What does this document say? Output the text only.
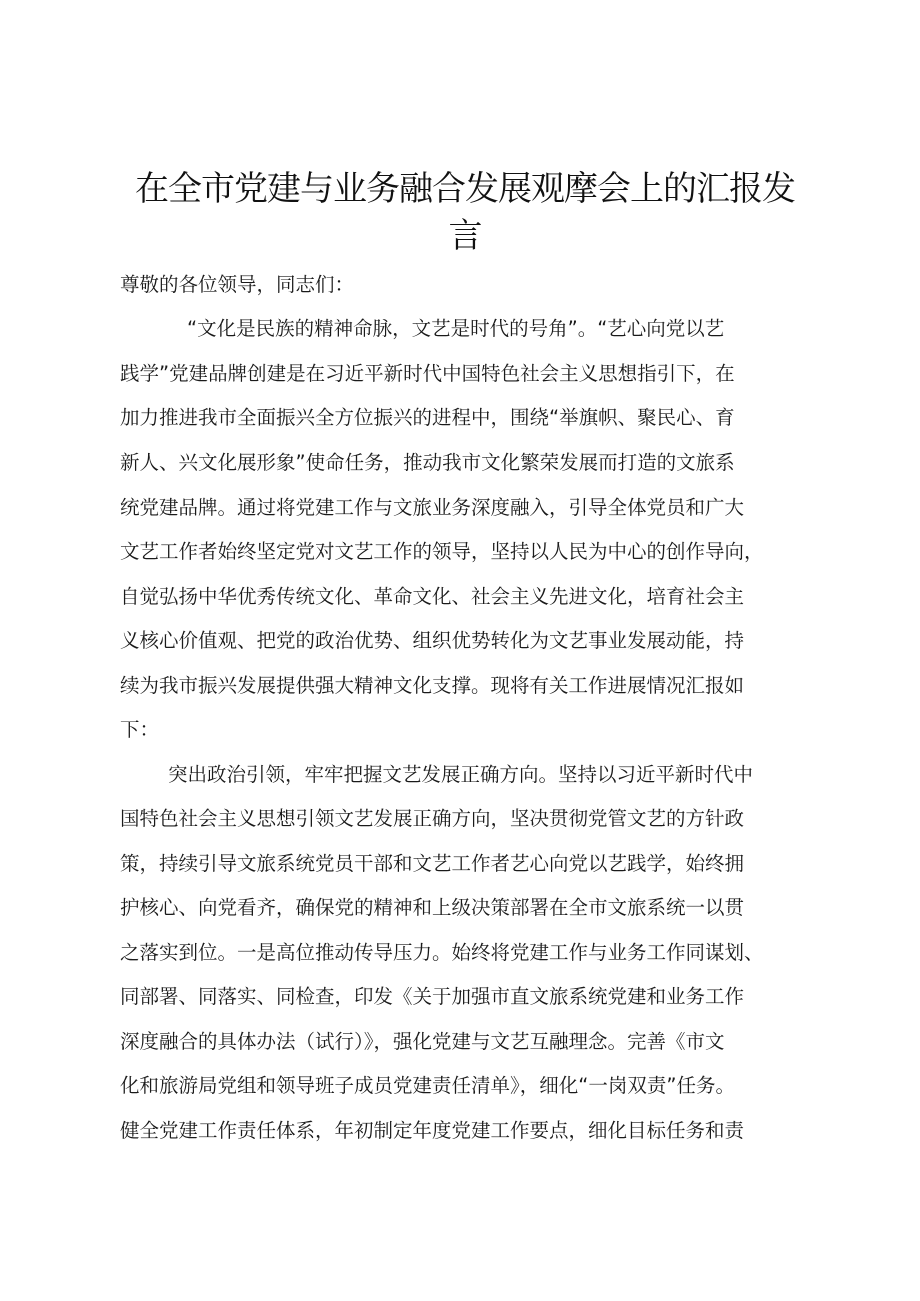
在全市党建与业务融合发展观摩会上的汇报发
言
尊敬的各位领导，同志们：
“文化是民族的精神命脉，文艺是时代的号角”。“艺心向党以艺
践学”党建品牌创建是在习近平新时代中国特色社会主义思想指引下，在
加力推进我市全面振兴全方位振兴的进程中，围绕“举旗帜、聚民心、育
新人、兴文化展形象”使命任务，推动我市文化繁荣发展而打造的文旅系
统党建品牌。通过将党建工作与文旅业务深度融入，引导全体党员和广大
文艺工作者始终坚定党对文艺工作的领导，坚持以人民为中心的创作导向，
自觉弘扬中华优秀传统文化、革命文化、社会主义先进文化，培育社会主
义核心价值观、把党的政治优势、组织优势转化为文艺事业发展动能，持
续为我市振兴发展提供强大精神文化支撑。现将有关工作进展情况汇报如
下：
突出政治引领，牢牢把握文艺发展正确方向。坚持以习近平新时代中
国特色社会主义思想引领文艺发展正确方向，坚决贯彻党管文艺的方针政
策，持续引导文旅系统党员干部和文艺工作者艺心向党以艺践学，始终拥
护核心、向党看齐，确保党的精神和上级决策部署在全市文旅系统一以贯
之落实到位。一是高位推动传导压力。始终将党建工作与业务工作同谋划、
同部署、同落实、同检查，印发《关于加强市直文旅系统党建和业务工作
深度融合的具体办法（试行）》，强化党建与文艺互融理念。完善《市文
化和旅游局党组和领导班子成员党建责任清单》，细化“一岗双责”任务。
健全党建工作责任体系，年初制定年度党建工作要点，细化目标任务和责
